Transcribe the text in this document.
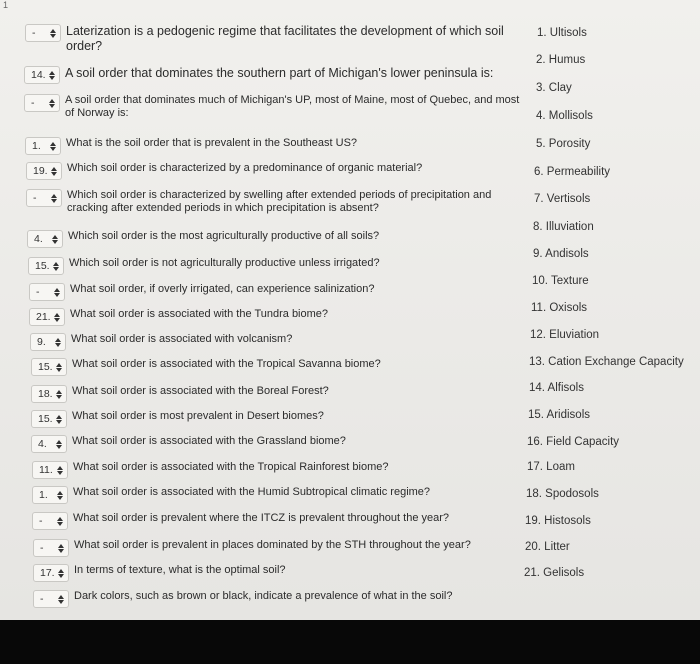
1
- Laterization is a pedogenic regime that facilitates the development of which soil order?
14. A soil order that dominates the southern part of Michigan's lower peninsula is:
-	A soil order that dominates much of Michigan's UP, most of Maine, most of Quebec, and most of Norway is:
1. What is the soil order that is prevalent in the Southeast US?
19. Which soil order is characterized by a predominance of organic material?
-	Which soil order is characterized by swelling after extended periods of precipitation and cracking after extended periods in which precipitation is absent?
4. Which soil order is the most agriculturally productive of all soils?
15. Which soil order is not agriculturally productive unless irrigated?
-	What soil order, if overly irrigated, can experience salinization?
21. What soil order is associated with the Tundra biome?
9. What soil order is associated with volcanism?
15. What soil order is associated with the Tropical Savanna biome?
18. What soil order is associated with the Boreal Forest?
15. What soil order is most prevalent in Desert biomes?
4. What soil order is associated with the Grassland biome?
11. What soil order is associated with the Tropical Rainforest biome?
1. What soil order is associated with the Humid Subtropical climatic regime?
-	What soil order is prevalent where the ITCZ is prevalent throughout the year?
-	What soil order is prevalent in places dominated by the STH throughout the year?
17. In terms of texture, what is the optimal soil?
-	Dark colors, such as brown or black, indicate a prevalence of what in the soil?
1. Ultisols
2. Humus
3. Clay
4. Mollisols
5. Porosity
6. Permeability
7. Vertisols
8. Illuviation
9. Andisols
10. Texture
11. Oxisols
12. Eluviation
13. Cation Exchange Capacity
14. Alfisols
15. Aridisols
16. Field Capacity
17. Loam
18. Spodosols
19. Histosols
20. Litter
21. Gelisols
